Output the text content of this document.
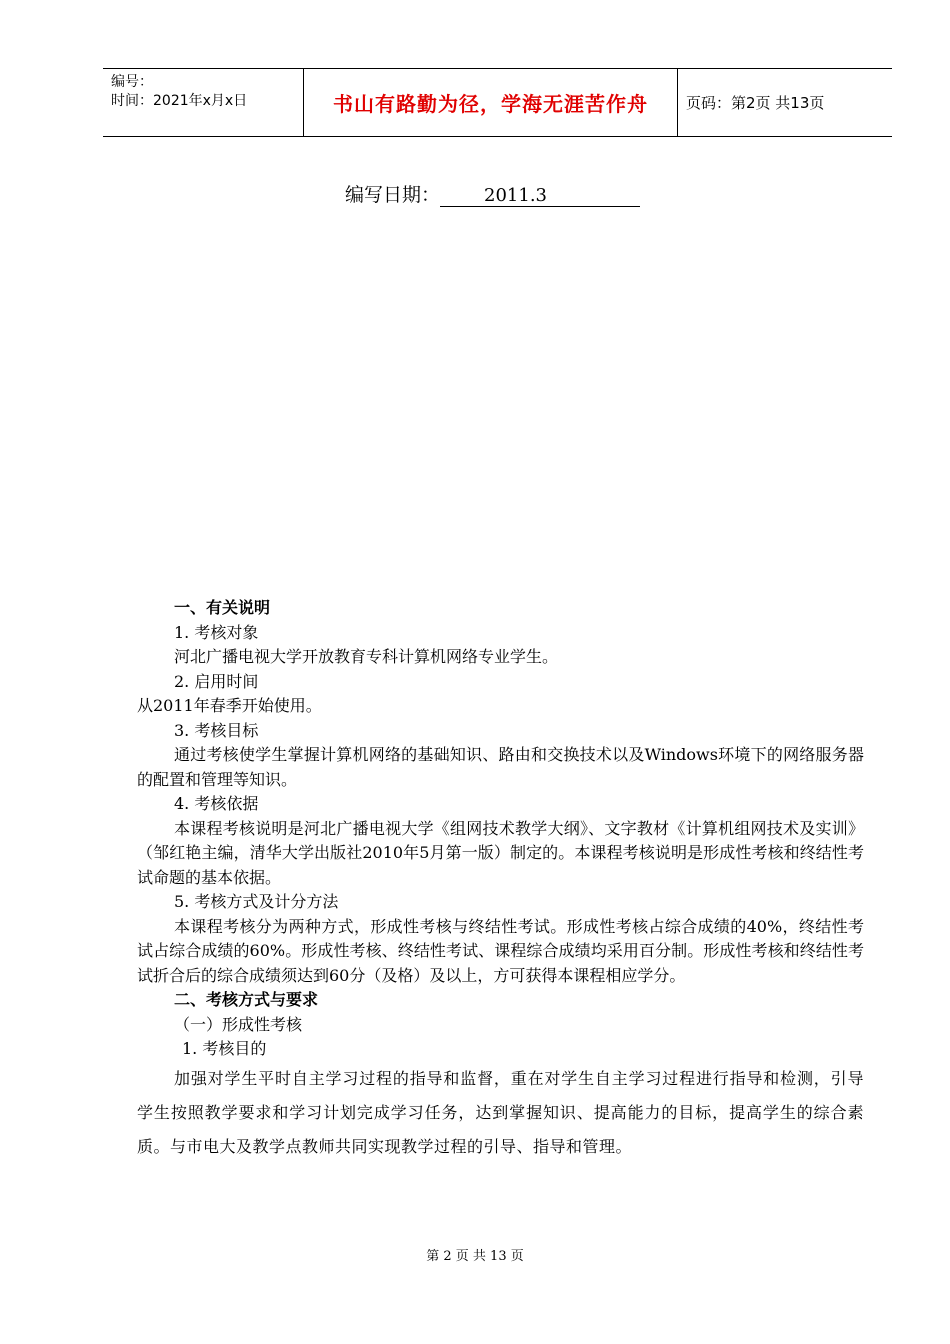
编号：
时间：2021年x月x日	书山有路勤为径，学海无涯苦作舟	页码：第2页 共13页
编写日期：	2011.3

一、有关说明

1. 考核对象

河北广播电视大学开放教育专科计算机网络专业学生。

2. 启用时间

从2011年春季开始使用。

3. 考核目标

通过考核使学生掌握计算机网络的基础知识、路由和交换技术以及Windows环境下的网络服务器的配置和管理等知识。

4. 考核依据

本课程考核说明是河北广播电视大学《组网技术教学大纲》、文字教材《计算机组网技术及实训》（邹红艳主编，清华大学出版社2010年5月第一版）制定的。本课程考核说明是形成性考核和终结性考试命题的基本依据。

5. 考核方式及计分方法

本课程考核分为两种方式，形成性考核与终结性考试。形成性考核占综合成绩的40%，终结性考试占综合成绩的60%。形成性考核、终结性考试、课程综合成绩均采用百分制。形成性考核和终结性考试折合后的综合成绩须达到60分（及格）及以上，方可获得本课程相应学分。

二、考核方式与要求

（一）形成性考核

1. 考核目的

加强对学生平时自主学习过程的指导和监督，重在对学生自主学习过程进行指导和检测，引导学生按照教学要求和学习计划完成学习任务，达到掌握知识、提高能力的目标，提高学生的综合素质。与市电大及教学点教师共同实现教学过程的引导、指导和管理。

第 2 页 共 13 页
